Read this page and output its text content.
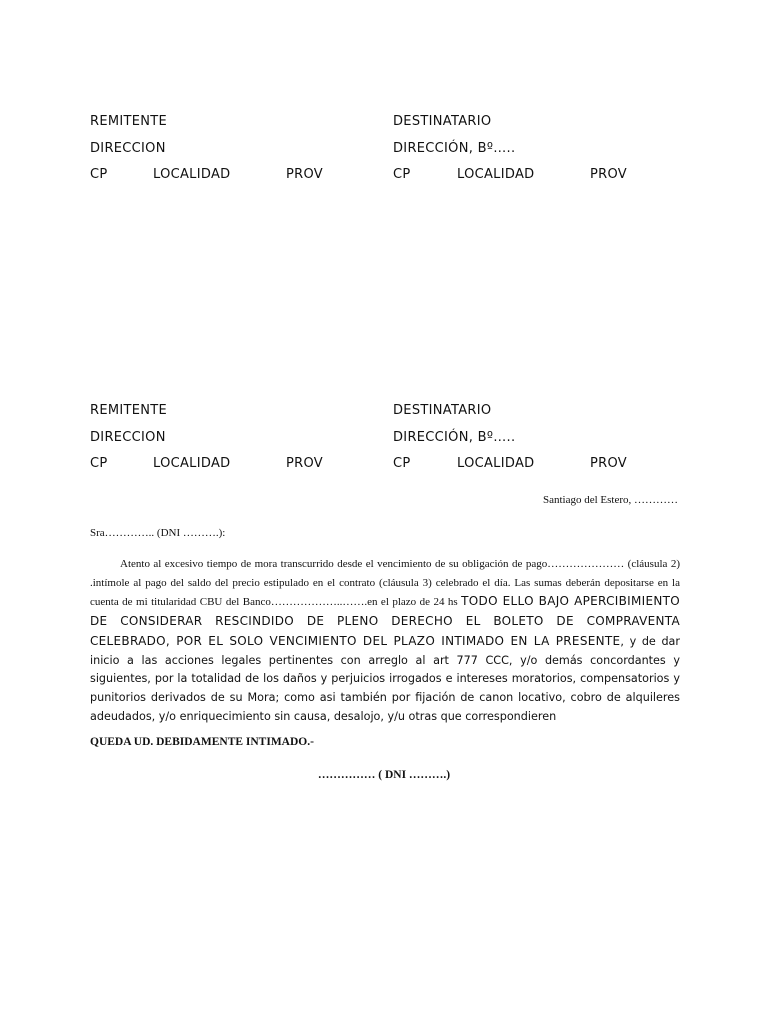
REMITENTE
DIRECCION
CP	LOCALIDAD	PROV
DESTINATARIO
DIRECCIÓN, Bº…..
CP	LOCALIDAD	PROV
REMITENTE
DIRECCION
CP	LOCALIDAD	PROV
DESTINATARIO
DIRECCIÓN, Bº…..
CP	LOCALIDAD	PROV
Santiago del Estero, …………
Sra………….. (DNI ……….):
Atento al excesivo tiempo de mora transcurrido desde el vencimiento de su obligación de pago………………… (cláusula 2) .intímole al pago del saldo del precio estipulado en el contrato (cláusula 3) celebrado el día. Las sumas deberán depositarse en la cuenta de mi titularidad CBU del Banco………………..…….en el plazo de 24 hs TODO ELLO BAJO APERCIBIMIENTO DE CONSIDERAR RESCINDIDO DE PLENO DERECHO EL BOLETO DE COMPRAVENTA CELEBRADO, POR EL SOLO VENCIMIENTO DEL PLAZO INTIMADO EN LA PRESENTE, y de dar inicio a las acciones legales pertinentes con arreglo al art 777 CCC, y/o demás concordantes y siguientes, por la totalidad de los daños y perjuicios irrogados e intereses moratorios, compensatorios y punitorios derivados de su Mora; como asi también por fijación de canon locativo, cobro de alquileres adeudados, y/o enriquecimiento sin causa, desalojo, y/u otras que correspondieren
QUEDA UD. DEBIDAMENTE INTIMADO.-
…………… ( DNI ……….)
